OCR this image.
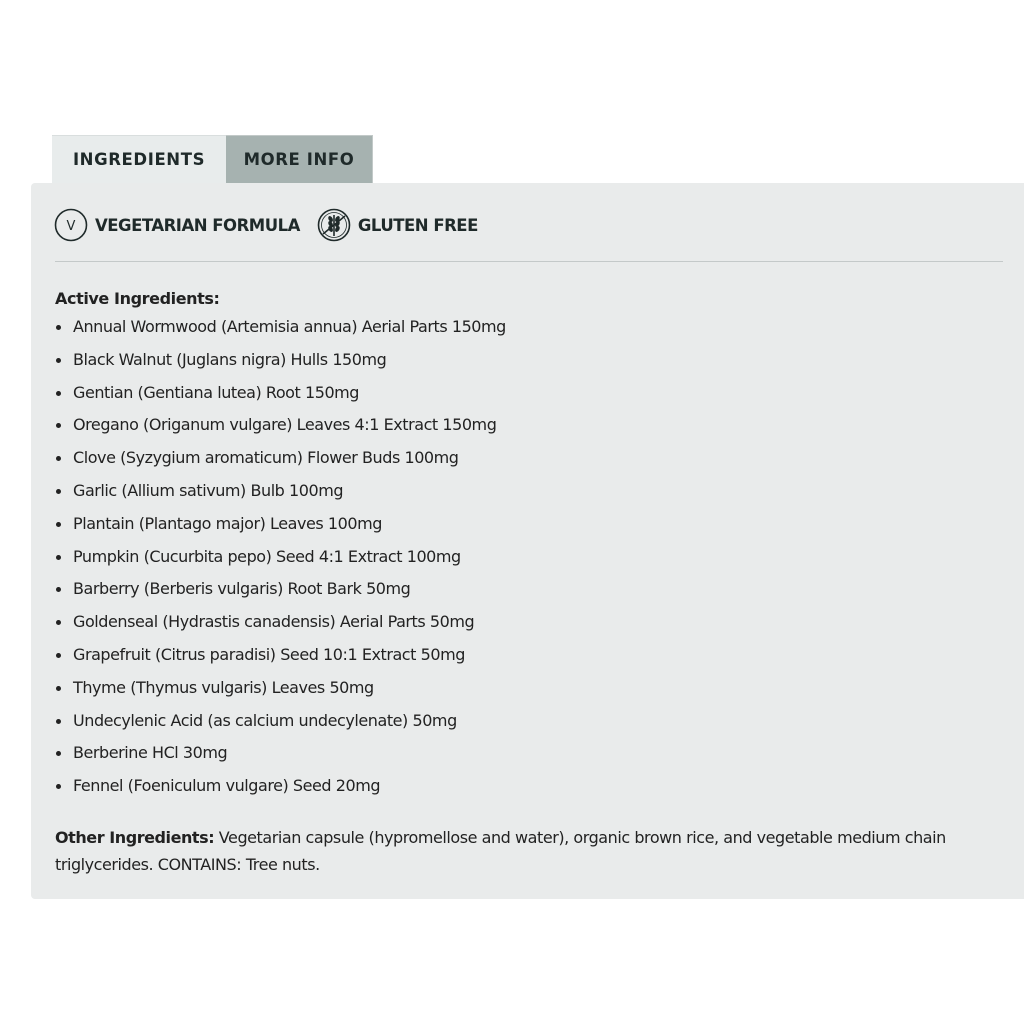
INGREDIENTS	MORE INFO
V VEGETARIAN FORMULA	GLUTEN FREE
Active Ingredients:
Annual Wormwood (Artemisia annua) Aerial Parts 150mg
Black Walnut (Juglans nigra) Hulls 150mg
Gentian (Gentiana lutea) Root 150mg
Oregano (Origanum vulgare) Leaves 4:1 Extract 150mg
Clove (Syzygium aromaticum) Flower Buds 100mg
Garlic (Allium sativum) Bulb 100mg
Plantain (Plantago major) Leaves 100mg
Pumpkin (Cucurbita pepo) Seed 4:1 Extract 100mg
Barberry (Berberis vulgaris) Root Bark 50mg
Goldenseal (Hydrastis canadensis) Aerial Parts 50mg
Grapefruit (Citrus paradisi) Seed 10:1 Extract 50mg
Thyme (Thymus vulgaris) Leaves 50mg
Undecylenic Acid (as calcium undecylenate) 50mg
Berberine HCl 30mg
Fennel (Foeniculum vulgare) Seed 20mg
Other Ingredients: Vegetarian capsule (hypromellose and water), organic brown rice, and vegetable medium chain triglycerides. CONTAINS: Tree nuts.
